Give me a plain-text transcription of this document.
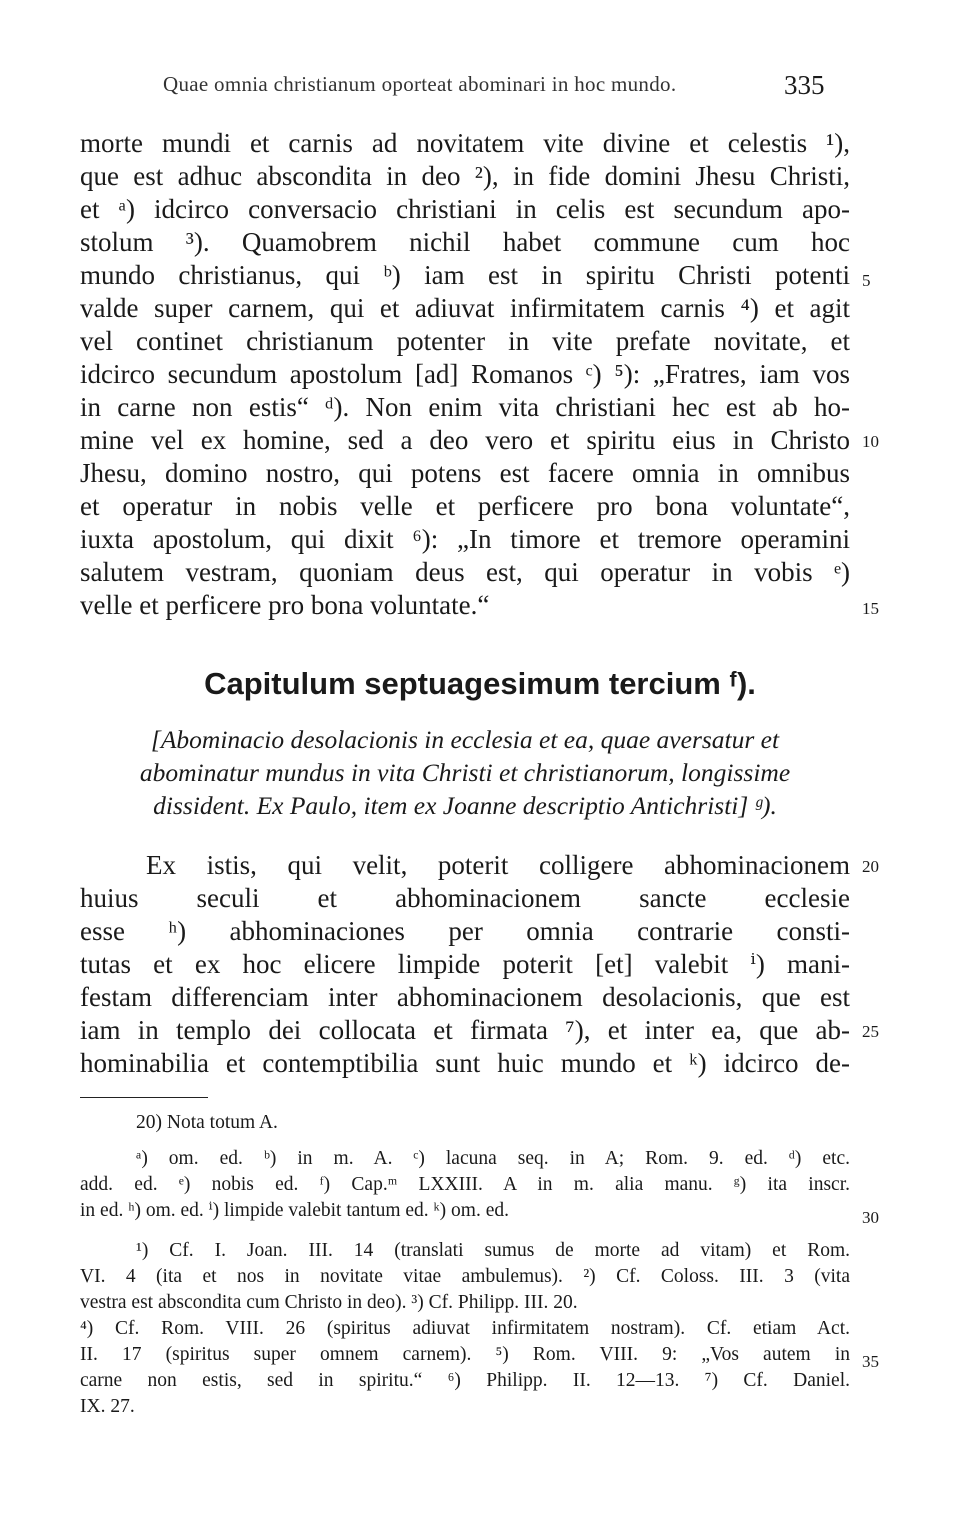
Quae omnia christianum oporteat abominari in hoc mundo.	335
morte mundi et carnis ad novitatem vite divine et celestis ¹),
que est adhuc abscondita in deo ²), in fide domini Jhesu Christi,
et ᵃ) idcirco conversacio christiani in celis est secundum apo-
stolum ³). Quamobrem nichil habet commune cum hoc
mundo christianus, qui ᵇ) iam est in spiritu Christi potenti
valde super carnem, qui et adiuvat infirmitatem carnis ⁴) et agit
vel continet christianum potenter in vite prefate novitate, et
idcirco secundum apostolum [ad] Romanos ᶜ) ⁵): „Fratres, iam vos
in carne non estis“ ᵈ). Non enim vita christiani hec est ab ho-
mine vel ex homine, sed a deo vero et spiritu eius in Christo
Jhesu, domino nostro, qui potens est facere omnia in omnibus
et operatur in nobis velle et perficere pro bona voluntate“,
iuxta apostolum, qui dixit ⁶): „In timore et tremore operamini
salutem vestram, quoniam deus est, qui operatur in vobis ᵉ)
velle et perficere pro bona voluntate.“
5
10
15
Capitulum septuagesimum tercium ᶠ).
[Abominacio desolacionis in ecclesia et ea, quae aversatur et
abominatur mundus in vita Christi et christianorum, longissime
dissident. Ex Paulo, item ex Joanne descriptio Antichristi] ᵍ).
Ex istis, qui velit, poterit colligere abhominacionem
huius seculi et abhominacionem sancte ecclesie
esse ʰ) abhominaciones per omnia contrarie consti-
tutas et ex hoc elicere limpide poterit [et] valebit ⁱ) mani-
festam differenciam inter abhominacionem desolacionis, que est
iam in templo dei collocata et firmata ⁷), et inter ea, que ab-
hominabilia et contemptibilia sunt huic mundo et ᵏ) idcirco de-
20
25
20) Nota totum A.
ᵃ) om. ed. ᵇ) in m. A. ᶜ) lacuna seq. in A; Rom. 9. ed. ᵈ) etc.
add. ed. ᵉ) nobis ed. ᶠ) Cap.ᵐ LXXIII. A in m. alia manu. ᵍ) ita inscr.
in ed. ʰ) om. ed. ⁱ) limpide valebit tantum ed. ᵏ) om. ed.	30
¹) Cf. I. Joan. III. 14 (translati sumus de morte ad vitam) et Rom.
VI. 4 (ita et nos in novitate vitae ambulemus). ²) Cf. Coloss. III. 3 (vita
vestra est abscondita cum Christo in deo). ³) Cf. Philipp. III. 20.
⁴) Cf. Rom. VIII. 26 (spiritus adiuvat infirmitatem nostram). Cf. etiam Act.
II. 17 (spiritus super omnem carnem). ⁵) Rom. VIII. 9: „Vos autem in
carne non estis, sed in spiritu.“ ⁶) Philipp. II. 12—13. ⁷) Cf. Daniel.
IX. 27.
35
